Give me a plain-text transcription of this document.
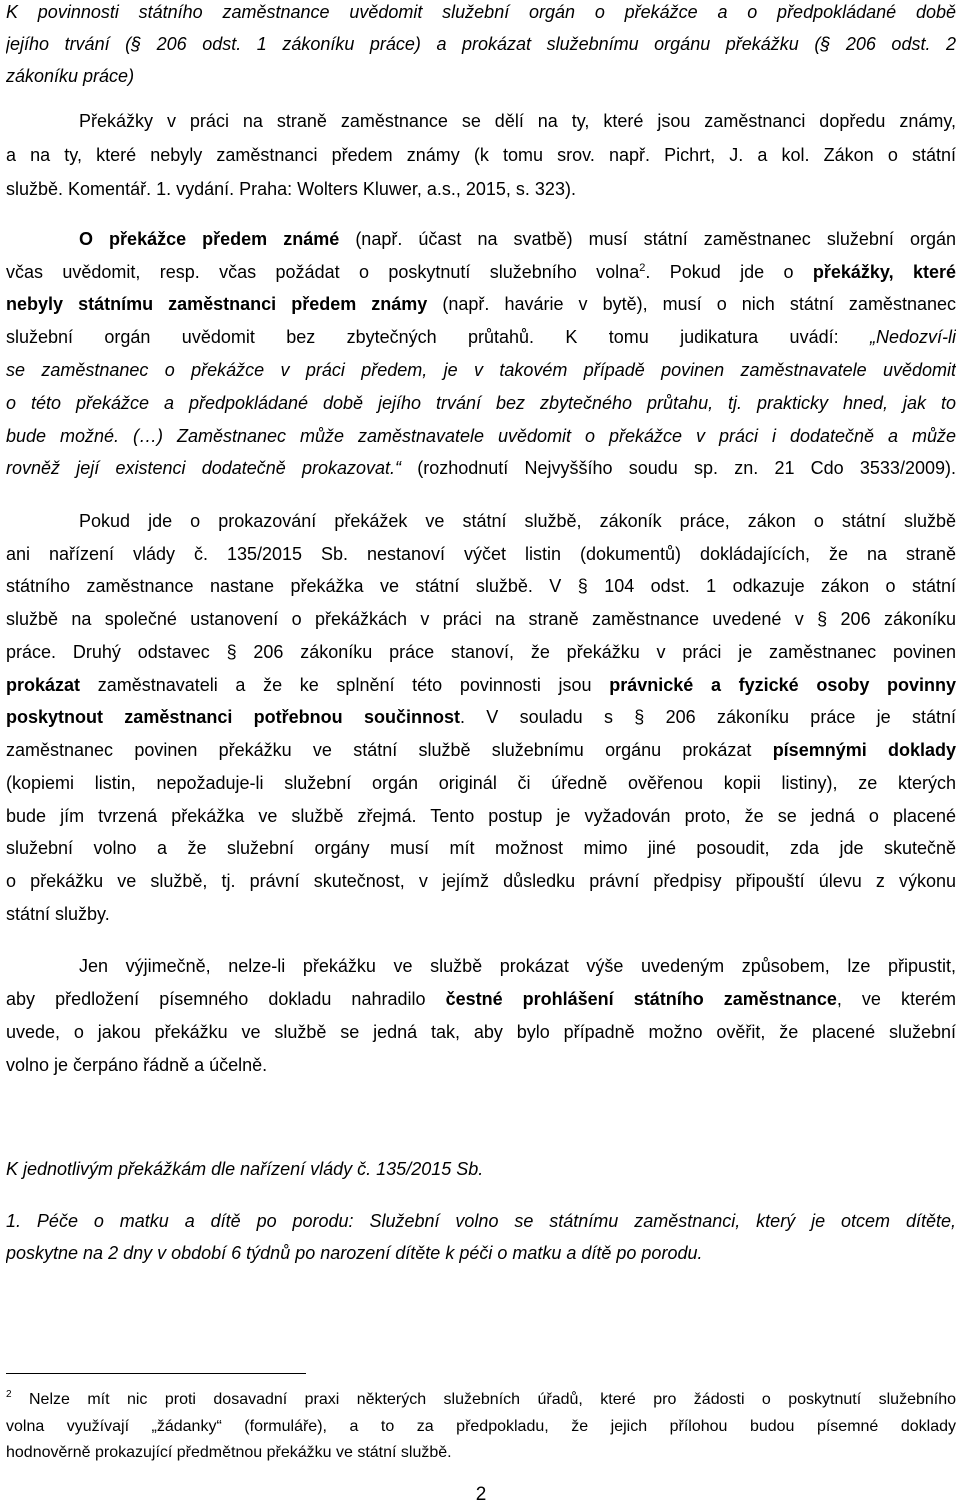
K povinnosti státního zaměstnance uvědomit služební orgán o překážce a o předpokládané době
jejího trvání (§ 206 odst. 1 zákoníku práce) a prokázat služebnímu orgánu překážku (§ 206 odst. 2
zákoníku práce)
Překážky v práci na straně zaměstnance se dělí na ty, které jsou zaměstnanci dopředu známy,
a na ty, které nebyly zaměstnanci předem známy (k tomu srov. např. Pichrt, J. a kol. Zákon o státní
službě. Komentář. 1. vydání. Praha: Wolters Kluwer, a.s., 2015, s. 323).
O překážce předem známé (např. účast na svatbě) musí státní zaměstnanec služební orgán
včas uvědomit, resp. včas požádat o poskytnutí služebního volna$^2$. Pokud jde o překážky, které
nebyly státnímu zaměstnanci předem známy (např. havárie v bytě), musí o nich státní zaměstnanec
služební orgán uvědomit bez zbytečných průtahů. K tomu judikatura uvádí: „Nedozví-li
se zaměstnanec o překážce v práci předem, je v takovém případě povinen zaměstnavatele uvědomit
o této překážce a předpokládané době jejího trvání bez zbytečného průtahu, tj. prakticky hned, jak to
bude možné. (…) Zaměstnanec může zaměstnavatele uvědomit o překážce v práci i dodatečně a může
rovněž její existenci dodatečně prokazovat.“ (rozhodnutí Nejvyššího soudu sp. zn. 21 Cdo 3533/2009).
Pokud jde o prokazování překážek ve státní službě, zákoník práce, zákon o státní službě
ani nařízení vlády č. 135/2015 Sb. nestanoví výčet listin (dokumentů) dokládajících, že na straně
státního zaměstnance nastane překážka ve státní službě. V § 104 odst. 1 odkazuje zákon o státní
službě na společné ustanovení o překážkách v práci na straně zaměstnance uvedené v § 206 zákoníku
práce. Druhý odstavec § 206 zákoníku práce stanoví, že překážku v práci je zaměstnanec povinen
prokázat zaměstnavateli a že ke splnění této povinnosti jsou právnické a fyzické osoby povinny
poskytnout zaměstnanci potřebnou součinnost. V souladu s § 206 zákoníku práce je státní
zaměstnanec povinen překážku ve státní službě služebnímu orgánu prokázat písemnými doklady
(kopiemi listin, nepožaduje-li služební orgán originál či úředně ověřenou kopii listiny), ze kterých
bude jím tvrzená překážka ve službě zřejmá. Tento postup je vyžadován proto, že se jedná o placené
služební volno a že služební orgány musí mít možnost mimo jiné posoudit, zda jde skutečně
o překážku ve službě, tj. právní skutečnost, v jejímž důsledku právní předpisy připouští úlevu z výkonu
státní služby.
Jen výjimečně, nelze-li překážku ve službě prokázat výše uvedeným způsobem, lze připustit,
aby předložení písemného dokladu nahradilo čestné prohlášení státního zaměstnance, ve kterém
uvede, o jakou překážku ve službě se jedná tak, aby bylo případně možno ověřit, že placené služební
volno je čerpáno řádně a účelně.
K jednotlivým překážkám dle nařízení vlády č. 135/2015 Sb.
1. Péče o matku a dítě po porodu: Služební volno se státnímu zaměstnanci, který je otcem dítěte,
poskytne na 2 dny v období 6 týdnů po narození dítěte k péči o matku a dítě po porodu.
$^2$ Nelze mít nic proti dosavadní praxi některých služebních úřadů, které pro žádosti o poskytnutí služebního
volna využívají „žádanky“ (formuláře), a to za předpokladu, že jejich přílohou budou písemné doklady
hodnověrně prokazující předmětnou překážku ve státní službě.
2
